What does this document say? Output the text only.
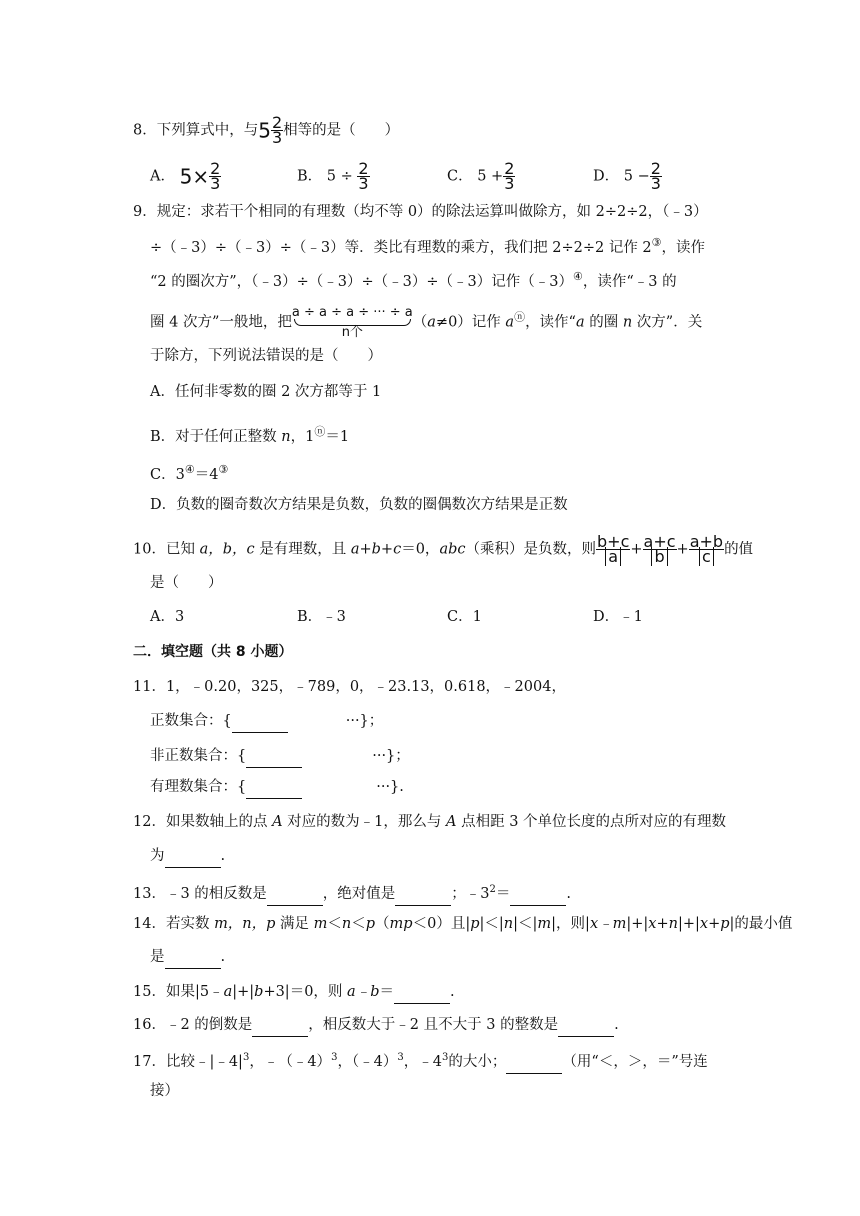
8．下列算式中，与$5 \frac{2}{3}$ 相等的是（　　）
A． $5\times \frac{2}{3}$	B． $5 \div \frac{2}{3}$	C． $5 + \frac{2}{3}$	D． $5 - \frac{2}{3}$
9．规定：求若干个相同的有理数（均不等 0）的除法运算叫做除方，如 2÷2÷2，（﹣3）
÷（﹣3）÷（﹣3）÷（﹣3）等．类比有理数的乘方，我们把 2÷2÷2 记作 2③，读作
“2 的圈次方”，（﹣3）÷（﹣3）÷（﹣3）÷（﹣3）记作（﹣3）④，读作“﹣3 的
圈 4 次方”一般地，把
a ÷ a ÷ a ÷ ··· ÷ a
n个
（a≠0）记作 aⓝ，读作“a 的圈 n 次方”．关
于除方，下列说法错误的是（　　）
A．任何非零数的圈 2 次方都等于 1
B．对于任何正整数 n，1ⓝ＝1
C．3④＝4③
D．负数的圈奇数次方结果是负数，负数的圈偶数次方结果是正数
10．已知 a，b，c 是有理数，且 a+b+c＝0，abc（乘积）是负数，则 $\frac{b+c}{a} + \frac{a+c}{b} + \frac{a+b}{c}$ 的值
是（　　）
A．3	B．﹣3	C．1	D．﹣1
二．填空题（共 8 小题）
11．1，﹣0.20，325，﹣789，0，﹣23.13，0.618，﹣2004，
正数集合：{	···}；
非正数集合：{	···}；
有理数集合：{	···}.
12．如果数轴上的点 A 对应的数为﹣1，那么与 A 点相距 3 个单位长度的点所对应的有理数
为	.
13．﹣3 的相反数是	，绝对值是	；$﹣3^2=$	.
14．若实数 m，n，p 满足 m＜n＜p（mp＜0）且|p|＜|n|＜|m|，则|x﹣m|+|x+n|+|x+p|的最小值
是	.
15．如果|5﹣a|+|b+3|＝0，则 a﹣b＝	.
16．﹣2 的倒数是	，相反数大于﹣2 且不大于 3 的整数是	.
17．比较$﹣|﹣4|^3$，﹣（﹣4）$^3$，（﹣4）$^3$，$﹣4^3$的大小；	（用“＜，＞，＝”号连
接）
